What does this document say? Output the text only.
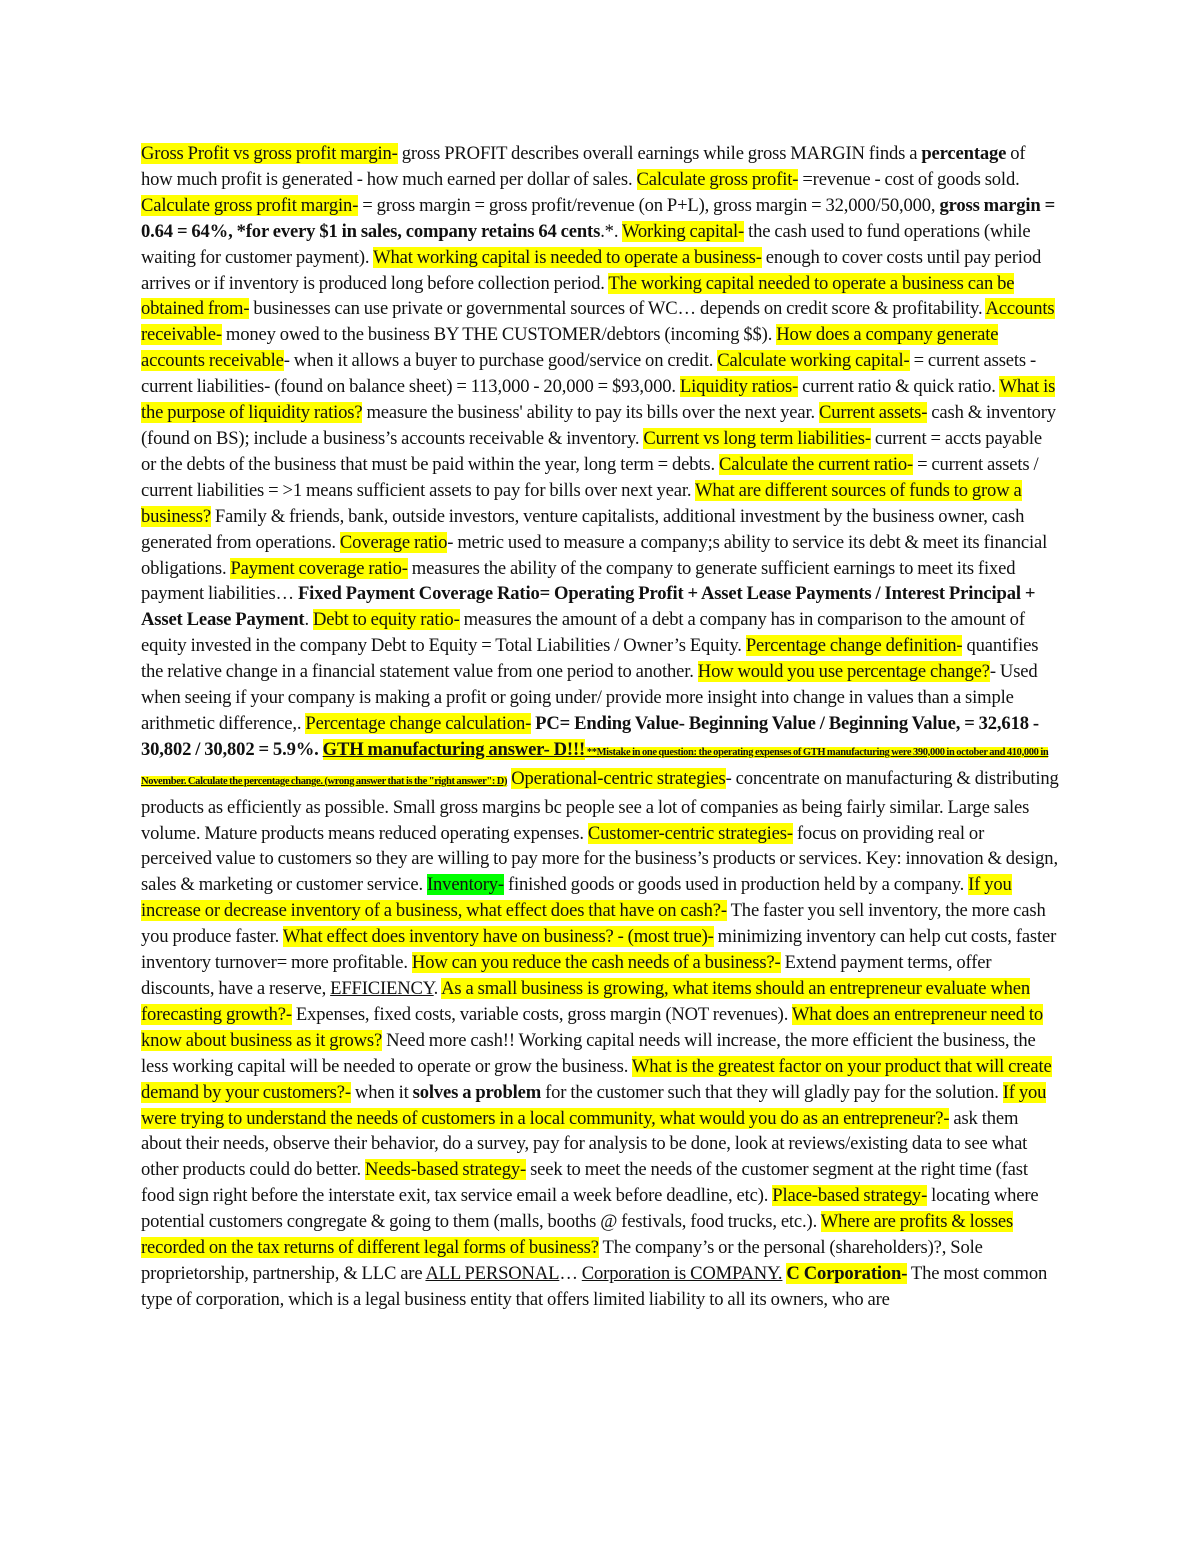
Gross Profit vs gross profit margin- gross PROFIT describes overall earnings while gross MARGIN finds a percentage of how much profit is generated - how much earned per dollar of sales. Calculate gross profit- =revenue - cost of goods sold. Calculate gross profit margin- = gross margin = gross profit/revenue (on P+L), gross margin = 32,000/50,000, gross margin = 0.64 = 64%, *for every $1 in sales, company retains 64 cents.*. Working capital- the cash used to fund operations (while waiting for customer payment). What working capital is needed to operate a business- enough to cover costs until pay period arrives or if inventory is produced long before collection period. The working capital needed to operate a business can be obtained from- businesses can use private or governmental sources of WC… depends on credit score & profitability. Accounts receivable- money owed to the business BY THE CUSTOMER/debtors (incoming $$). How does a company generate accounts receivable- when it allows a buyer to purchase good/service on credit. Calculate working capital- = current assets - current liabilities- (found on balance sheet) = 113,000 - 20,000 = $93,000. Liquidity ratios- current ratio & quick ratio. What is the purpose of liquidity ratios? measure the business' ability to pay its bills over the next year. Current assets- cash & inventory (found on BS); include a business’s accounts receivable & inventory. Current vs long term liabilities- current = accts payable or the debts of the business that must be paid within the year, long term = debts. Calculate the current ratio- = current assets / current liabilities = >1 means sufficient assets to pay for bills over next year. What are different sources of funds to grow a business? Family & friends, bank, outside investors, venture capitalists, additional investment by the business owner, cash generated from operations. Coverage ratio- metric used to measure a company;s ability to service its debt & meet its financial obligations. Payment coverage ratio- measures the ability of the company to generate sufficient earnings to meet its fixed payment liabilities… Fixed Payment Coverage Ratio= Operating Profit + Asset Lease Payments / Interest Principal + Asset Lease Payment. Debt to equity ratio- measures the amount of a debt a company has in comparison to the amount of equity invested in the company Debt to Equity = Total Liabilities / Owner’s Equity. Percentage change definition- quantifies the relative change in a financial statement value from one period to another. How would you use percentage change?- Used when seeing if your company is making a profit or going under/ provide more insight into change in values than a simple arithmetic difference,. Percentage change calculation- PC= Ending Value- Beginning Value / Beginning Value, = 32,618 - 30,802 / 30,802 = 5.9%. GTH manufacturing answer- D!!! **Mistake in one question: the operating expenses of GTH manufacturing were 390,000 in october and 410,000 in November. Calculate the percentage change. (wrong answer that is the "right answer": D) Operational-centric strategies- concentrate on manufacturing & distributing products as efficiently as possible. Small gross margins bc people see a lot of companies as being fairly similar. Large sales volume. Mature products means reduced operating expenses. Customer-centric strategies- focus on providing real or perceived value to customers so they are willing to pay more for the business’s products or services. Key: innovation & design, sales & marketing or customer service. Inventory- finished goods or goods used in production held by a company. If you increase or decrease inventory of a business, what effect does that have on cash?- The faster you sell inventory, the more cash you produce faster. What effect does inventory have on business? - (most true)- minimizing inventory can help cut costs, faster inventory turnover= more profitable. How can you reduce the cash needs of a business?- Extend payment terms, offer discounts, have a reserve, EFFICIENCY. As a small business is growing, what items should an entrepreneur evaluate when forecasting growth?- Expenses, fixed costs, variable costs, gross margin (NOT revenues). What does an entrepreneur need to know about business as it grows? Need more cash!! Working capital needs will increase, the more efficient the business, the less working capital will be needed to operate or grow the business. What is the greatest factor on your product that will create demand by your customers?- when it solves a problem for the customer such that they will gladly pay for the solution. If you were trying to understand the needs of customers in a local community, what would you do as an entrepreneur?- ask them about their needs, observe their behavior, do a survey, pay for analysis to be done, look at reviews/existing data to see what other products could do better. Needs-based strategy- seek to meet the needs of the customer segment at the right time (fast food sign right before the interstate exit, tax service email a week before deadline, etc). Place-based strategy- locating where potential customers congregate & going to them (malls, booths @ festivals, food trucks, etc.). Where are profits & losses recorded on the tax returns of different legal forms of business? The company’s or the personal (shareholders)?, Sole proprietorship, partnership, & LLC are ALL PERSONAL… Corporation is COMPANY. C Corporation- The most common type of corporation, which is a legal business entity that offers limited liability to all its owners, who are
